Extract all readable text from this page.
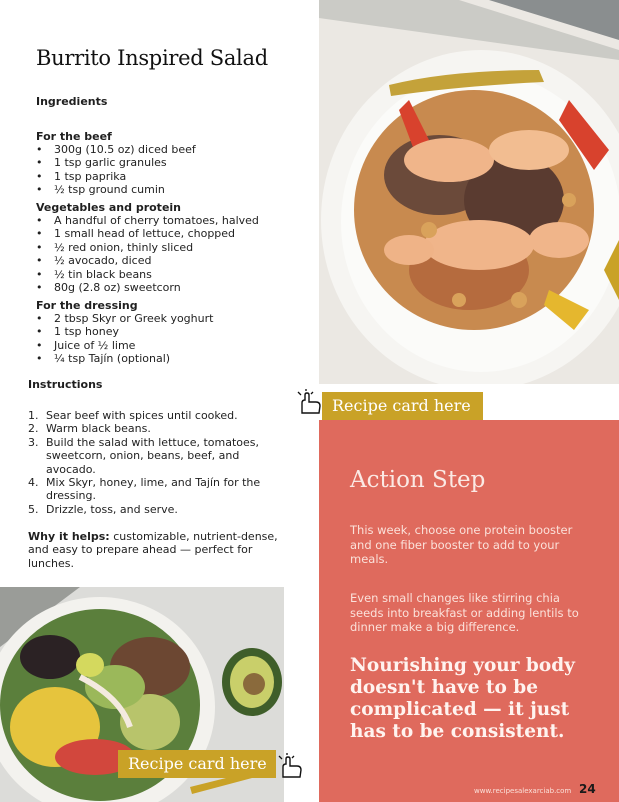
Burrito Inspired Salad
Ingredients
For the beef
• 300g (10.5 oz) diced beef
• 1 tsp garlic granules
• 1 tsp paprika
• ½ tsp ground cumin
Vegetables and protein
• A handful of cherry tomatoes, halved
• 1 small head of lettuce, chopped
• ½ red onion, thinly sliced
• ½ avocado, diced
• ½ tin black beans
• 80g (2.8 oz) sweetcorn
For the dressing
• 2 tbsp Skyr or Greek yoghurt
• 1 tsp honey
• Juice of ½ lime
• ¼ tsp Tajín (optional)
Instructions
1. Sear beef with spices until cooked.
2. Warm black beans.
3. Build the salad with lettuce, tomatoes, sweetcorn, onion, beans, beef, and avocado.
4. Mix Skyr, honey, lime, and Tajín for the dressing.
5. Drizzle, toss, and serve.

Why it helps: customizable, nutrient-dense, and easy to prepare ahead — perfect for lunches.

Recipe card here	Mediterranean Roasted Vegetable Salad
Action Step

This week, choose one protein booster and one fiber booster to add to your meals.

Even small changes like stirring chia seeds into breakfast or adding lentils to dinner make a big difference.

Nourishing your body doesn't have to be complicated — it just has to be consistent.

Recipe card here
www.recipesalexarciab.com 24
